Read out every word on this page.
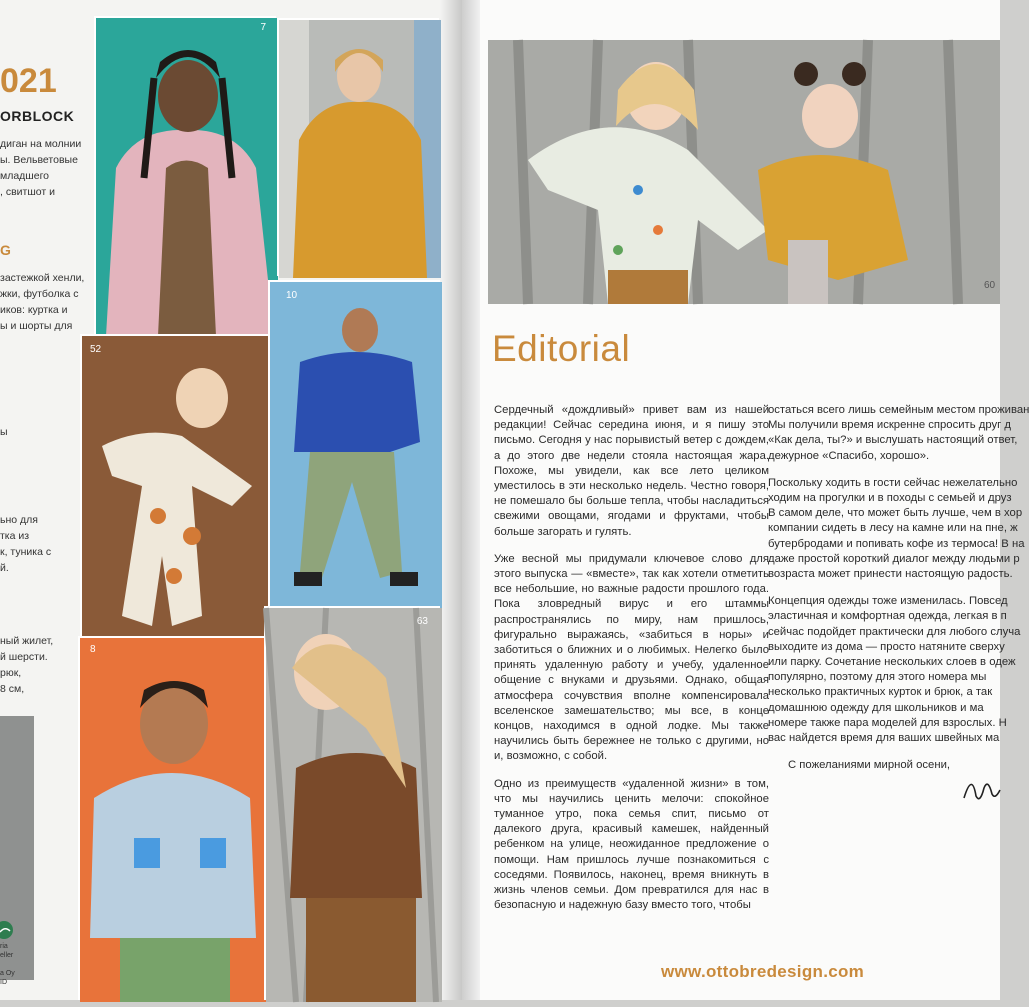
021
ORBLOCK
диган на молнии
ы. Вельветовые
младшего
, свитшот и
G
застежкой хенли,
жки, футболка с
иков: куртка и
ы и шорты для
ы
ьно для
тка из
к, туника с
й.
ный жилет,
й шерсти.
рюк,
8 см,
ria
eller
a Oy
ID
7
52
10
8
63
60
Editorial

Сердечный «дождливый» привет вам из нашей редакции! Сейчас середина июня, и я пишу это письмо. Сегодня у нас порывистый ветер с дождем, а до этого две недели стояла настоящая жара. Похоже, мы увидели, как все лето целиком уместилось в эти несколько недель. Честно говоря, не помешало бы больше тепла, чтобы насладиться свежими овощами, ягодами и фруктами, чтобы больше загорать и гулять.

Уже весной мы придумали ключевое слово для этого выпуска — «вместе», так как хотели отметить все небольшие, но важные радости прошлого года. Пока зловредный вирус и его штаммы распространялись по миру, нам пришлось, фигурально выражаясь, «забиться в норы» и заботиться о ближних и о любимых. Нелегко было принять удаленную работу и учебу, удаленное общение с внуками и друзьями. Однако, общая атмосфера сочувствия вполне компенсировала вселенское замешательство; мы все, в конце концов, находимся в одной лодке. Мы также научились быть бережнее не только с другими, но и, возможно, с собой.

Одно из преимуществ «удаленной жизни» в том, что мы научились ценить мелочи: спокойное туманное утро, пока семья спит, письмо от далекого друга, красивый камешек, найденный ребенком на улице, неожиданное предложение о помощи. Нам пришлось лучше познакомиться с соседями. Появилось, наконец, время вникнуть в жизнь членов семьи. Дом превратился для нас в безопасную и надежную базу вместо того, чтобы

остаться всего лишь семейным местом проживан
Мы получили время искренне спросить друг д
«Как дела, ты?» и выслушать настоящий ответ,
дежурное «Спасибо, хорошо».

Поскольку ходить в гости сейчас нежелательно
ходим на прогулки и в походы с семьей и друз
В самом деле, что может быть лучше, чем в хор
компании сидеть в лесу на камне или на пне, ж
бутербродами и попивать кофе из термоса! В на
даже простой короткий диалог между людьми р
возраста может принести настоящую радость.

Концепция одежды тоже изменилась. Повсед
эластичная и комфортная одежда, легкая в п
сейчас подойдет практически для любого случа
выходите из дома — просто натяните сверху
или парку. Сочетание нескольких слоев в одеж
популярно, поэтому для этого номера мы
несколько практичных курток и брюк, а так
домашнюю одежду для школьников и ма
номере также пара моделей для взрослых. Н
вас найдется время для ваших швейных ма

С пожеланиями мирной осени,

www.ottobredesign.com
